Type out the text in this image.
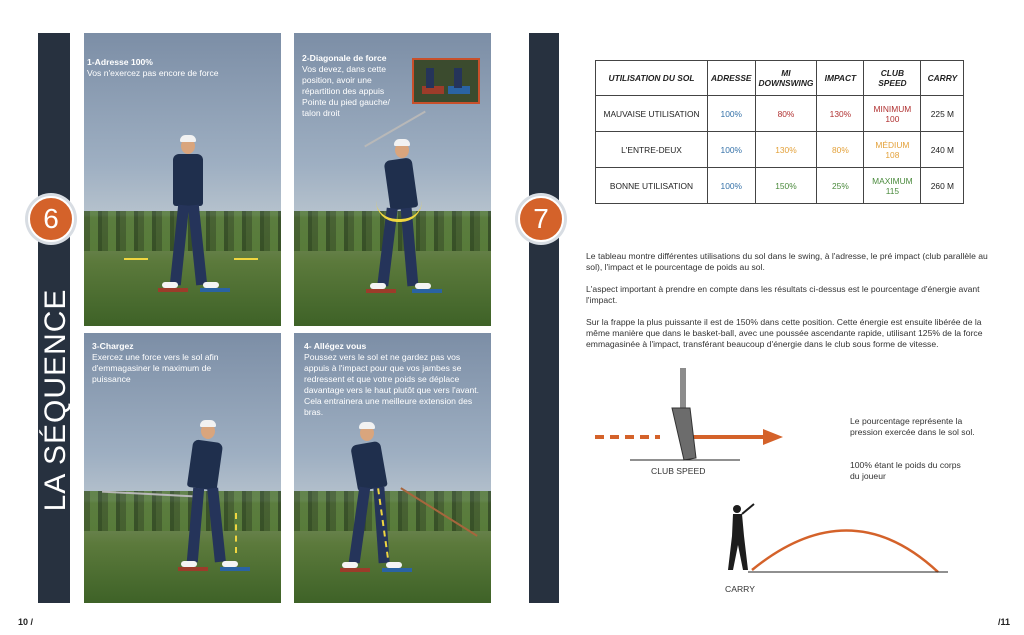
LA SÉQUENCE
6
1-Adresse 100%
Vos n'exercez pas encore de force
2-Diagonale de force
Vos devez, dans cette position, avoir une répartition des appuis Pointe du pied gauche/ talon droit
3-Chargez
Exercez une force vers le sol afin d'emmagasiner le maximum de puissance
4- Allégez vous
Poussez vers le sol et ne gardez pas vos appuis à l'impact pour que vos jambes se redressent et que votre poids se déplace davantage vers le haut plutôt que vers l'avant. Cela entrainera une meilleure extension des bras.
10 /
7
UTILISATION DU SOL	ADRESSE	MI DOWNSWING	IMPACT	CLUB SPEED	CARRY
MAUVAISE UTILISATION	100%	80%	130%	MINIMUM 100	225 M
L'ENTRE-DEUX	100%	130%	80%	MÉDIUM 108	240 M
BONNE UTILISATION	100%	150%	25%	MAXIMUM 115	260 M
Le tableau montre différentes utilisations du sol dans le swing, à l'adresse, le pré impact (club parallèle au sol), l'impact et le pourcentage de poids au sol.
L'aspect important à prendre en compte dans les résultats ci-dessus est le pourcentage d'énergie avant l'impact.
Sur la frappe la plus puissante il est de 150% dans cette position. Cette énergie est ensuite libérée de la même manière que dans le basket-ball, avec une poussée ascendante rapide, utilisant 125% de la force emmagasinée à l'impact, transférant beaucoup d'énergie dans le club sous forme de vitesse.
CLUB SPEED
Le pourcentage représente la pression exercée dans le sol sol.
100% étant le poids du corps du joueur
CARRY
/11
